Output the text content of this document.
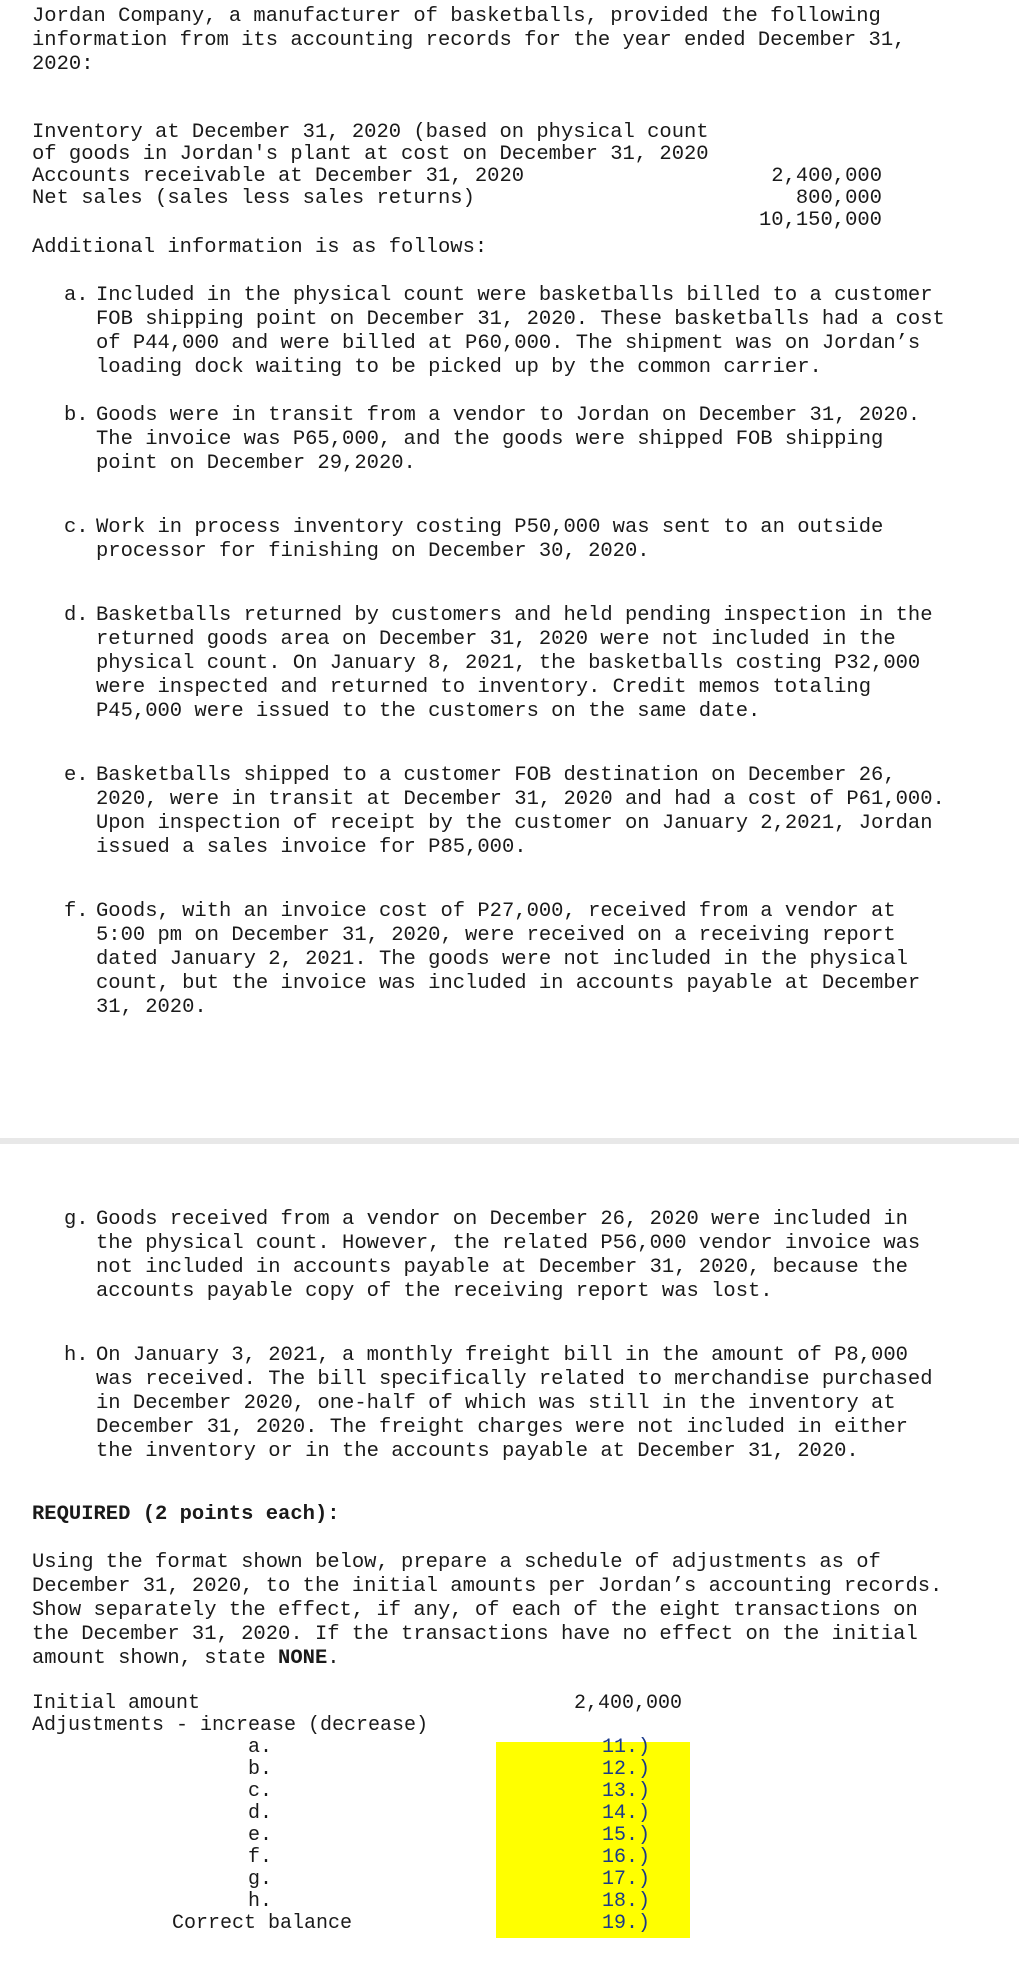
Jordan Company, a manufacturer of basketballs, provided the following
information from its accounting records for the year ended December 31,
2020:

Inventory at December 31, 2020 (based on physical count

of goods in Jordan's plant at cost on December 31, 2020

2,400,000

Accounts receivable at December 31, 2020

800,000

Net sales (sales less sales returns)

10,150,000

Additional information is as follows:

a.

Included in the physical count were basketballs billed to a customer
FOB shipping point on December 31, 2020. These basketballs had a cost
of P44,000 and were billed at P60,000. The shipment was on Jordan’s
loading dock waiting to be picked up by the common carrier.

b.

Goods were in transit from a vendor to Jordan on December 31, 2020.
The invoice was P65,000, and the goods were shipped FOB shipping
point on December 29,2020.

c.

Work in process inventory costing P50,000 was sent to an outside
processor for finishing on December 30, 2020.

d.

Basketballs returned by customers and held pending inspection in the
returned goods area on December 31, 2020 were not included in the
physical count. On January 8, 2021, the basketballs costing P32,000
were inspected and returned to inventory. Credit memos totaling
P45,000 were issued to the customers on the same date.

e.

Basketballs shipped to a customer FOB destination on December 26,
2020, were in transit at December 31, 2020 and had a cost of P61,000.
Upon inspection of receipt by the customer on January 2,2021, Jordan
issued a sales invoice for P85,000.

f.

Goods, with an invoice cost of P27,000, received from a vendor at
5:00 pm on December 31, 2020, were received on a receiving report
dated January 2, 2021. The goods were not included in the physical
count, but the invoice was included in accounts payable at December
31, 2020.

g.

Goods received from a vendor on December 26, 2020 were included in
the physical count. However, the related P56,000 vendor invoice was
not included in accounts payable at December 31, 2020, because the
accounts payable copy of the receiving report was lost.

h.

On January 3, 2021, a monthly freight bill in the amount of P8,000
was received. The bill specifically related to merchandise purchased
in December 2020, one-half of which was still in the inventory at
December 31, 2020. The freight charges were not included in either
the inventory or in the accounts payable at December 31, 2020.

REQUIRED (2 points each):
Using the format shown below, prepare a schedule of adjustments as of
December 31, 2020, to the initial amounts per Jordan’s accounting records.
Show separately the effect, if any, of each of the eight transactions on
the December 31, 2020. If the transactions have no effect on the initial
amount shown, state NONE.
Initial amount	2,400,000
Adjustments - increase (decrease)
a.
b.
c.
d.
e.
f.
g.
h.
Correct balance
11.)
12.)
13.)
14.)
15.)
16.)
17.)
18.)
19.)
